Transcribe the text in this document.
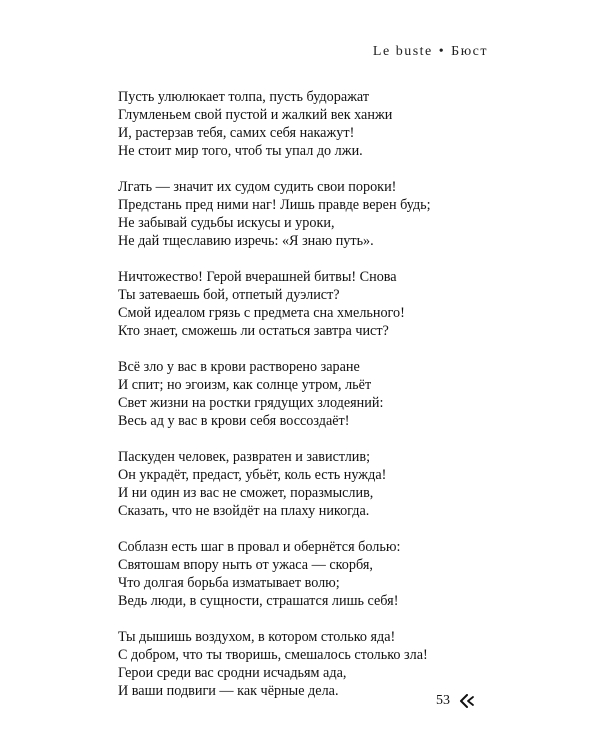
Le buste • Бюст
Пусть улюлюкает толпа, пусть будоражат
Глумленьем свой пустой и жалкий век ханжи
И, растерзав тебя, самих себя накажут!
Не стоит мир того, чтоб ты упал до лжи.
Лгать — значит их судом судить свои пороки!
Предстань пред ними наг! Лишь правде верен будь;
Не забывай судьбы искусы и уроки,
Не дай тщеславию изречь: «Я знаю путь».
Ничтожество! Герой вчерашней битвы! Снова
Ты затеваешь бой, отпетый дуэлист?
Смой идеалом грязь с предмета сна хмельного!
Кто знает, сможешь ли остаться завтра чист?
Всё зло у вас в крови растворено заране
И спит; но эгоизм, как солнце утром, льёт
Свет жизни на ростки грядущих злодеяний:
Весь ад у вас в крови себя воссоздаёт!
Паскуден человек, развратен и завистлив;
Он украдёт, предаст, убьёт, коль есть нужда!
И ни один из вас не сможет, поразмыслив,
Сказать, что не взойдёт на плаху никогда.
Соблазн есть шаг в провал и обернётся болью:
Святошам впору ныть от ужаса — скорбя,
Что долгая борьба изматывает волю;
Ведь люди, в сущности, страшатся лишь себя!
Ты дышишь воздухом, в котором столько яда!
С добром, что ты творишь, смешалось столько зла!
Герои среди вас сродни исчадьям ада,
И ваши подвиги — как чёрные дела.
53
